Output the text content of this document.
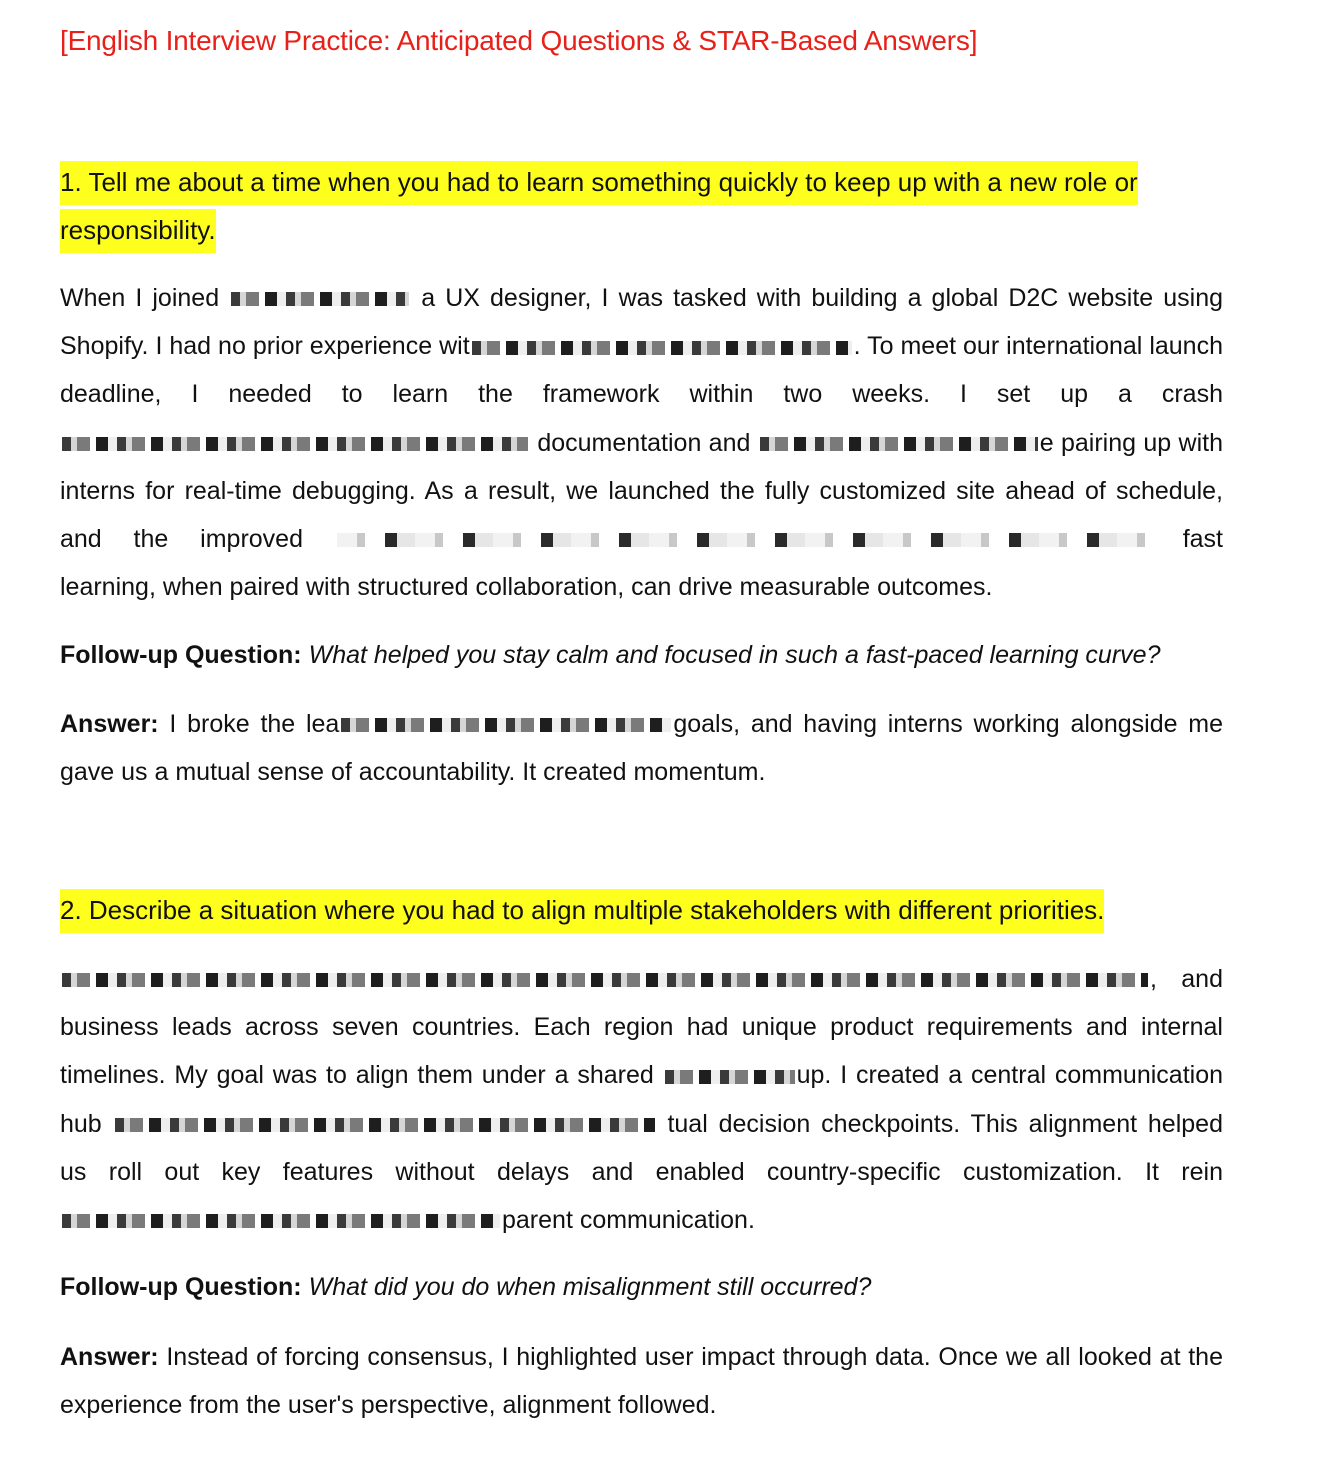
[English Interview Practice: Anticipated Questions & STAR-Based Answers]
1. Tell me about a time when you had to learn something quickly to keep up with a new role or responsibility.

When I joined	a UX designer, I was tasked with building a global D2C website using Shopify. I had no prior experience wit	. To meet our international launch deadline, I needed to learn the framework within two weeks. I set up a crash  documentation and	e pairing up with interns for real-time debugging. As a result, we launched the fully customized site ahead of schedule, and the improved	fast learning, when paired with structured collaboration, can drive measurable outcomes.

Follow-up Question: What helped you stay calm and focused in such a fast-paced learning curve?

Answer: I broke the lea	goals, and having interns working alongside me gave us a mutual sense of accountability. It created momentum.

2. Describe a situation where you had to align multiple stakeholders with different priorities.

, and business leads across seven countries. Each region had unique product requirements and internal timelines. My goal was to align them under a shared	up. I created a central communication hub	tual decision checkpoints. This alignment helped us roll out key features without delays and enabled country-specific customization. It reinparent communication.

Follow-up Question: What did you do when misalignment still occurred?

Answer: Instead of forcing consensus, I highlighted user impact through data. Once we all looked at the experience from the user's perspective, alignment followed.
